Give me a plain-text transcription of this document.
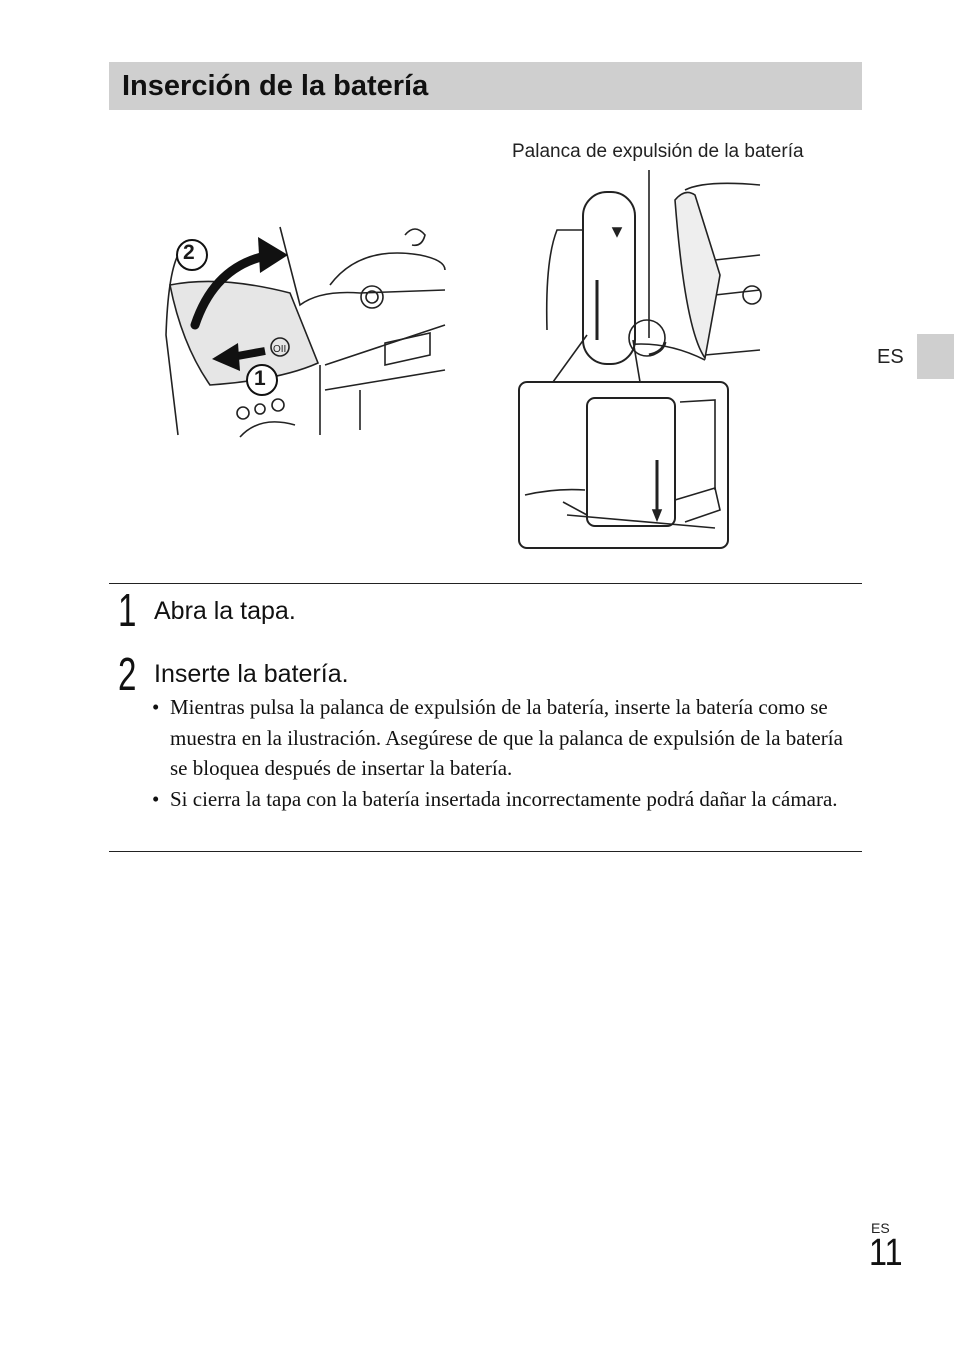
Inserción de la batería
Palanca de expulsión de la batería
ES
OII
2
1
1 Abra la tapa.
2 Inserte la batería.
• Mientras pulsa la palanca de expulsión de la batería, inserte la batería como se muestra en la ilustración. Asegúrese de que la palanca de expulsión de la batería se bloquea después de insertar la batería.
• Si cierra la tapa con la batería insertada incorrectamente podrá dañar la cámara.
ES
11
